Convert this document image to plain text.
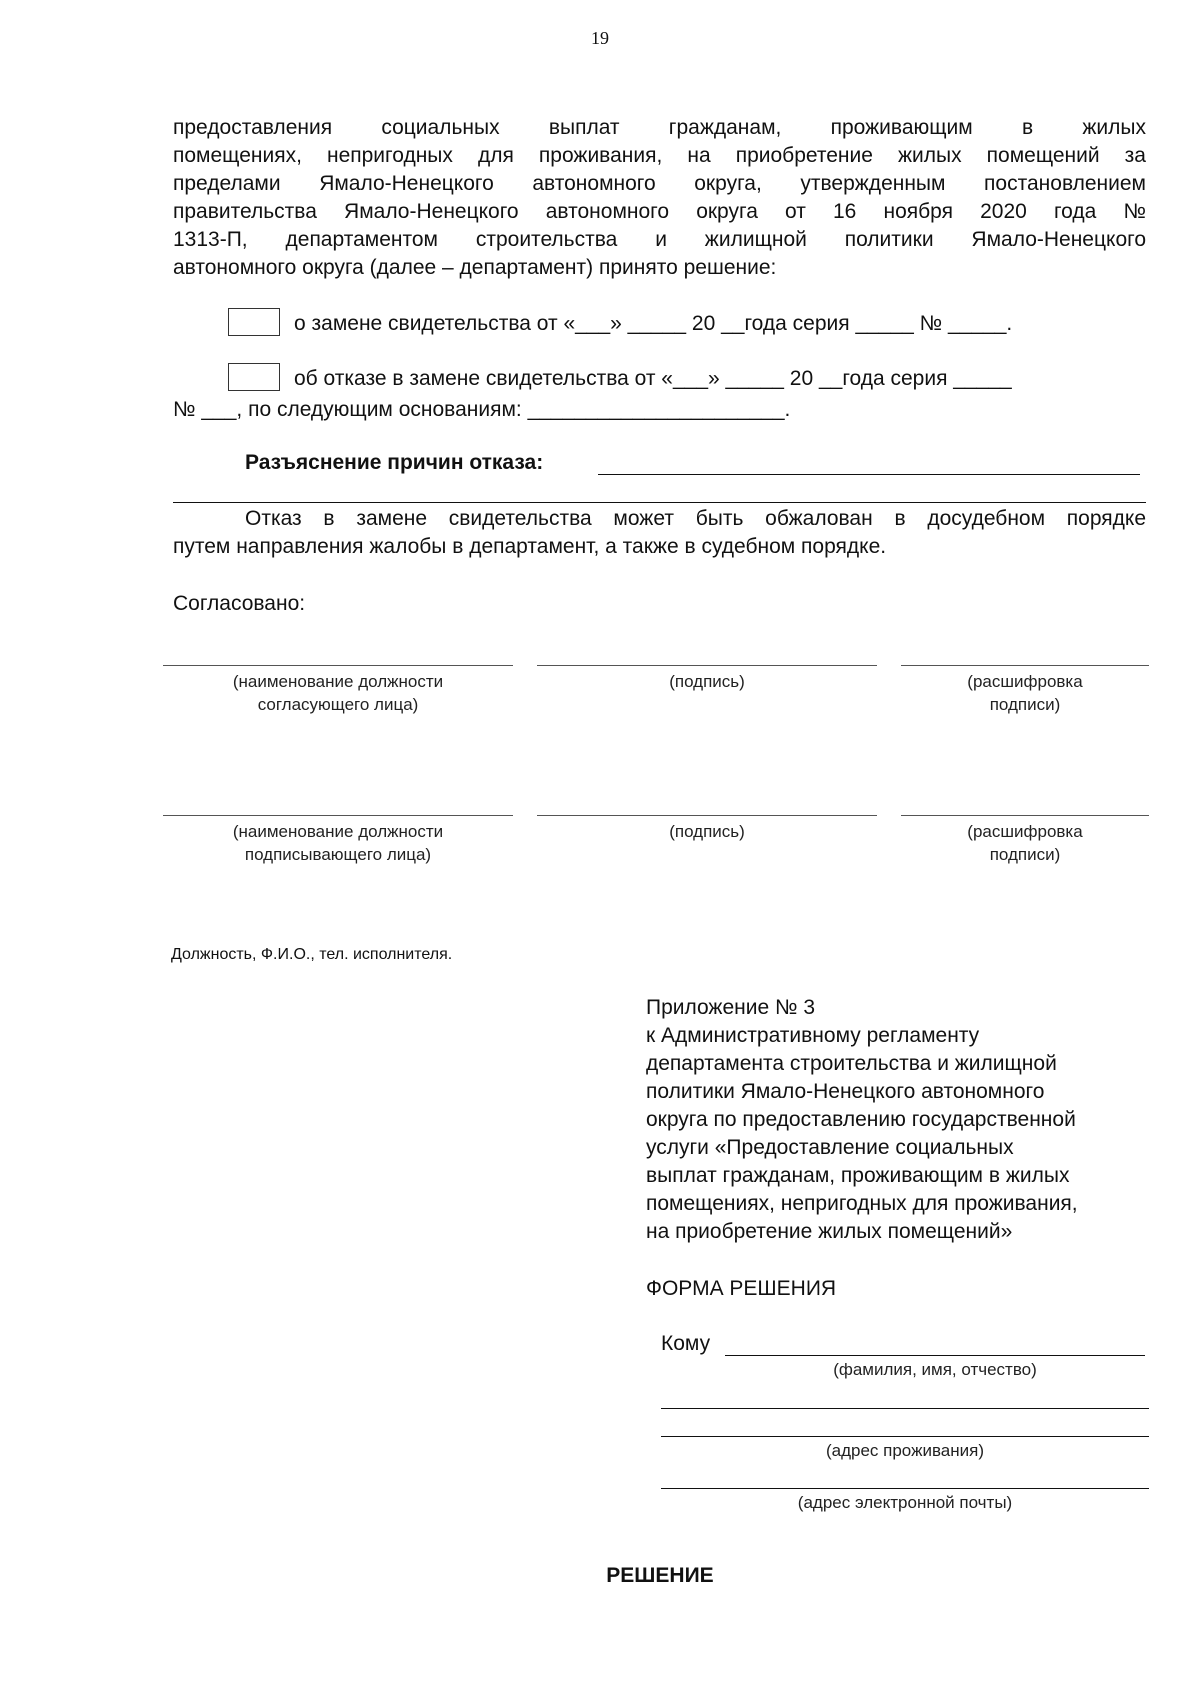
19
предоставления социальных выплат гражданам, проживающим в жилых
помещениях, непригодных для проживания, на приобретение жилых помещений за
пределами Ямало-Ненецкого автономного округа, утвержденным постановлением
правительства Ямало-Ненецкого автономного округа от 16 ноября 2020 года №
1313-П, департаментом строительства и жилищной политики Ямало-Ненецкого
автономного округа (далее – департамент) принято решение:
о замене свидетельства от «___» _____ 20 __года серия _____ № _____.
об отказе в замене свидетельства от «___» _____ 20 __года серия _____
№ ___, по следующим основаниям: ______________________.
Разъяснение причин отказа:
Отказ в замене свидетельства может быть обжалован в досудебном порядке
путем направления жалобы в департамент, а также в судебном порядке.
Согласовано:
(наименование должности
согласующего лица)
(подпись)	(расшифровка
подписи)
(наименование должности
подписывающего лица)
(подпись)	(расшифровка
подписи)
Должность, Ф.И.О., тел. исполнителя.
Приложение № 3
к Административному регламенту
департамента строительства и жилищной
политики Ямало-Ненецкого автономного
округа по предоставлению государственной
услуги «Предоставление социальных
выплат гражданам, проживающим в жилых
помещениях, непригодных для проживания,
на приобретение жилых помещений»
ФОРМА РЕШЕНИЯ
Кому
(фамилия, имя, отчество)
(адрес проживания)
(адрес электронной почты)
РЕШЕНИЕ
